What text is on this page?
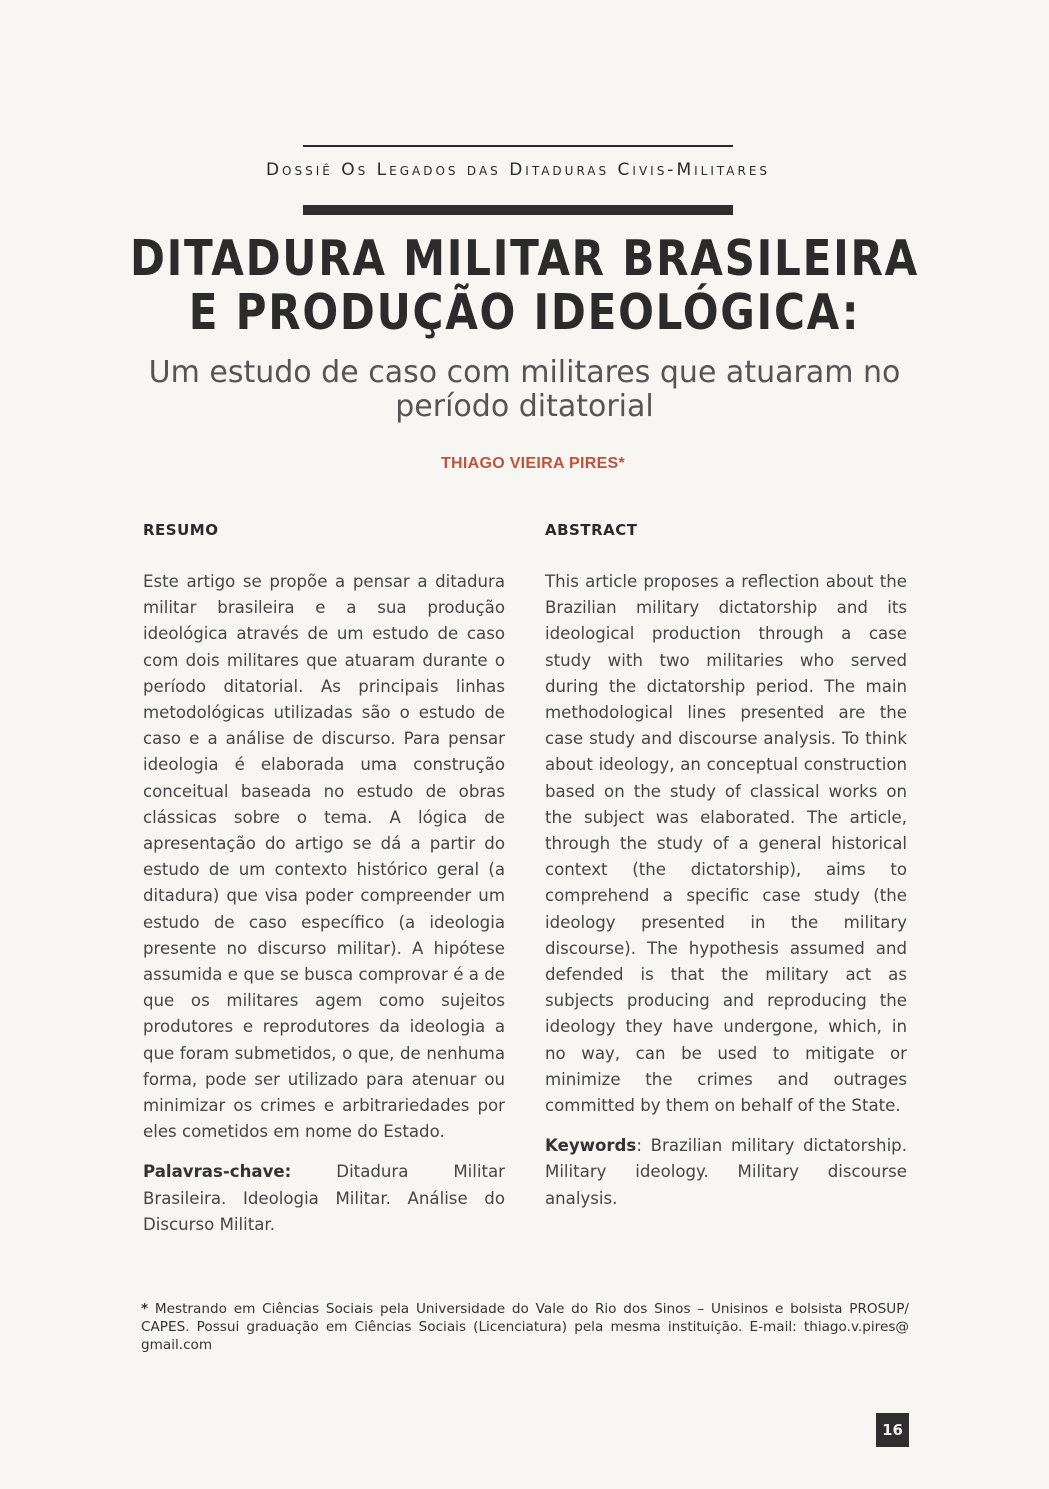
Dossiê Os Legados das Ditaduras Civis-Militares
DITADURA MILITAR BRASILEIRA
E PRODUÇÃO IDEOLÓGICA:
Um estudo de caso com militares que atuaram no período ditatorial
THIAGO VIEIRA PIRES*
RESUMO

Este artigo se propõe a pensar a ditadura militar brasileira e a sua produção ideológica através de um estudo de caso com dois militares que atuaram durante o período ditatorial. As principais linhas metodológicas utilizadas são o estudo de caso e a análise de discurso. Para pensar ideologia é elaborada uma construção conceitual baseada no estudo de obras clássicas sobre o tema. A lógica de apresentação do artigo se dá a partir do estudo de um contexto histórico geral (a ditadura) que visa poder compreender um estudo de caso específico (a ideologia presente no discurso militar). A hipótese assumida e que se busca comprovar é a de que os militares agem como sujeitos produtores e reprodutores da ideologia a que foram submetidos, o que, de nenhuma forma, pode ser utilizado para atenuar ou minimizar os crimes e arbitrariedades por eles cometidos em nome do Estado.

Palavras-chave:	Ditadura Militar Brasileira. Ideologia Militar. Análise do Discurso Militar.

ABSTRACT

This article proposes a reflection about the Brazilian military dictatorship and its ideological production through a case study with two militaries who served during the dictatorship period. The main methodological lines presented are the case study and discourse analysis. To think about ideology, an conceptual construction based on the study of classical works on the subject was elaborated. The article, through the study of a general historical context (the dictatorship), aims to comprehend a specific case study (the ideology presented in the military discourse). The hypothesis assumed and defended is that the military act as subjects producing and reproducing the ideology they have undergone, which, in no way, can be used to mitigate or minimize the crimes and outrages committed by them on behalf of the State.

Keywords: Brazilian military dictatorship. Military ideology. Military discourse analysis.

* Mestrando em Ciências Sociais pela Universidade do Vale do Rio dos Sinos – Unisinos e bolsista PROSUP/ CAPES. Possui graduação em Ciências Sociais (Licenciatura) pela mesma instituição. E-mail: thiago.v.pires@ gmail.com
16
